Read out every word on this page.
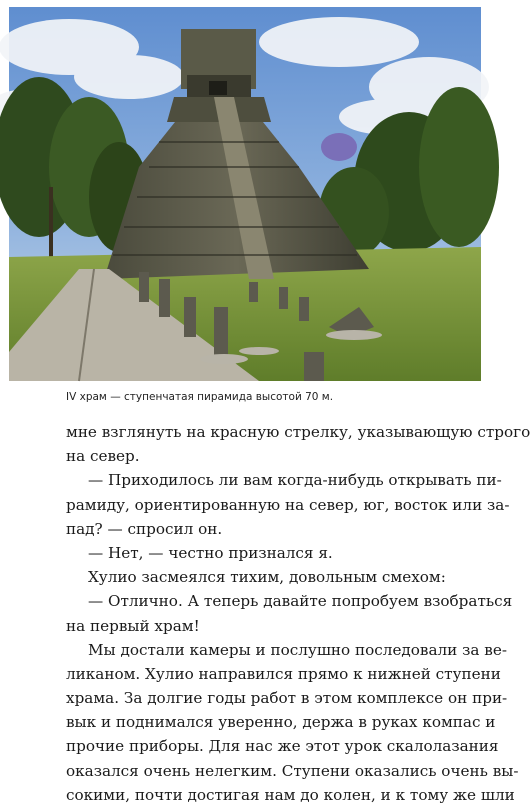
IV храм — ступенчатая пирамида высотой 70 м.
мне взглянуть на красную стрелку, указывающую строго
на север.
— Приходилось ли вам когда-нибудь открывать пи-
рамиду, ориентированную на север, юг, восток или за-
пад? — спросил он.
— Нет, — честно признался я.
Хулио засмеялся тихим, довольным смехом:
— Отлично. А теперь давайте попробуем взобраться
на первый храм!
Мы достали камеры и послушно последовали за ве-
ликаном. Хулио направился прямо к нижней ступени
храма. За долгие годы работ в этом комплексе он при-
вык и поднимался уверенно, держа в руках компас и
прочие приборы. Для нас же этот урок скалолазания
оказался очень нелегким. Ступени оказались очень вы-
сокими, почти достигая нам до колен, и к тому же шли
